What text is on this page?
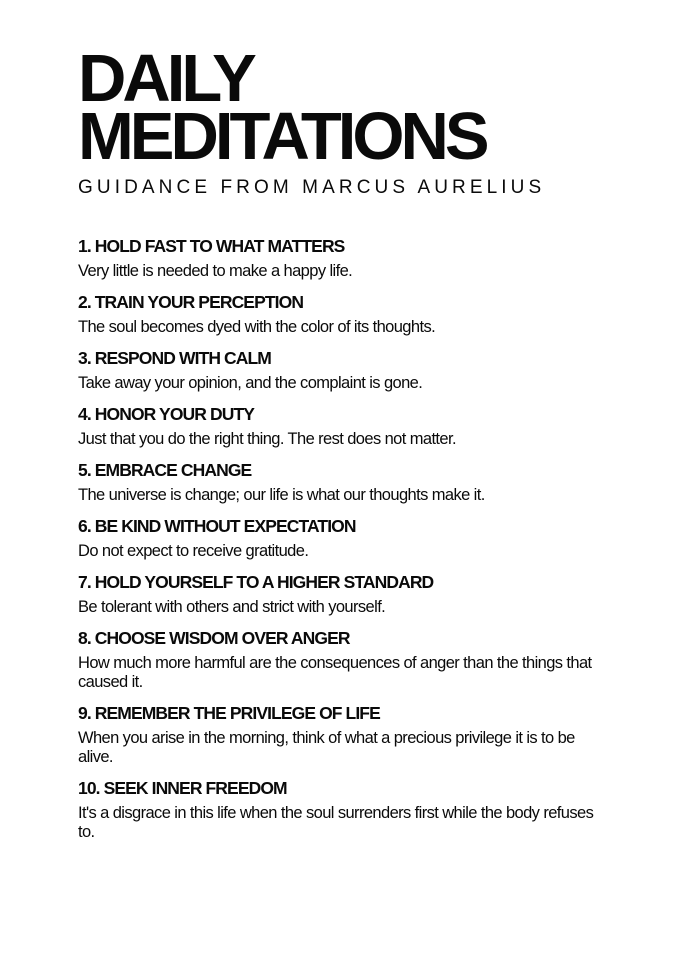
DAILY
MEDITATIONS
GUIDANCE FROM MARCUS AURELIUS
1. HOLD FAST TO WHAT MATTERS
Very little is needed to make a happy life.
2. TRAIN YOUR PERCEPTION
The soul becomes dyed with the color of its thoughts.
3. RESPOND WITH CALM
Take away your opinion, and the complaint is gone.
4. HONOR YOUR DUTY
Just that you do the right thing. The rest does not matter.
5. EMBRACE CHANGE
The universe is change; our life is what our thoughts make it.
6. BE KIND WITHOUT EXPECTATION
Do not expect to receive gratitude.
7. HOLD YOURSELF TO A HIGHER STANDARD
Be tolerant with others and strict with yourself.
8. CHOOSE WISDOM OVER ANGER
How much more harmful are the consequences of anger than the things that caused it.
9. REMEMBER THE PRIVILEGE OF LIFE
When you arise in the morning, think of what a precious privilege it is to be alive.
10. SEEK INNER FREEDOM
It's a disgrace in this life when the soul surrenders first while the body refuses to.
